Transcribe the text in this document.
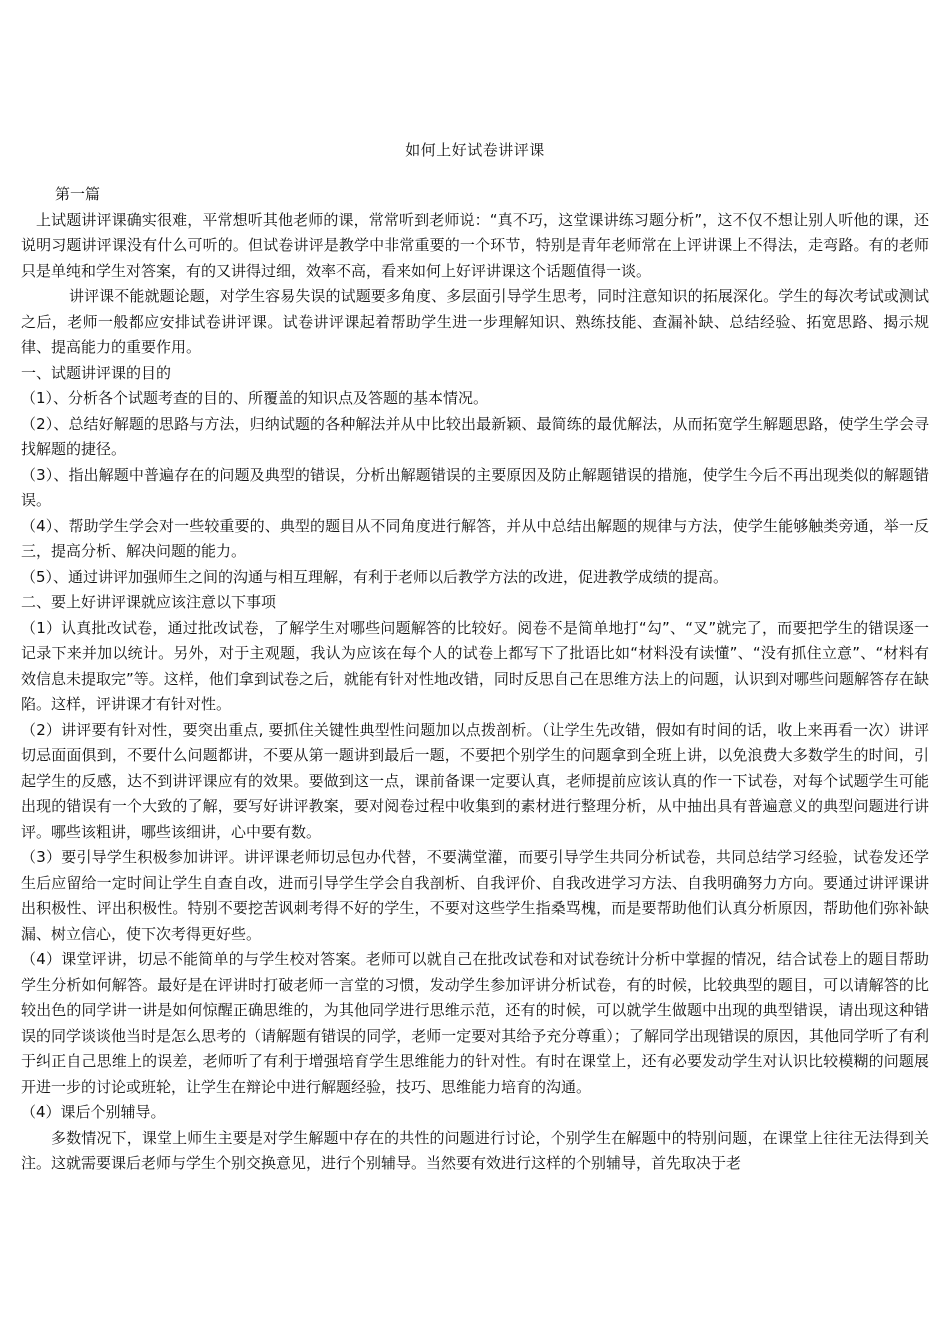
如何上好试卷讲评课

第一篇

上试题讲评课确实很难，平常想听其他老师的课，常常听到老师说：“真不巧，这堂课讲练习题分析”，这不仅不想让别人听他的课，还说明习题讲评课没有什么可听的。但试卷讲评是教学中非常重要的一个环节，特别是青年老师常在上评讲课上不得法，走弯路。有的老师只是单纯和学生对答案，有的又讲得过细，效率不高，看来如何上好评讲课这个话题值得一谈。

讲评课不能就题论题，对学生容易失误的试题要多角度、多层面引导学生思考，同时注意知识的拓展深化。学生的每次考试或测试之后，老师一般都应安排试卷讲评课。试卷讲评课起着帮助学生进一步理解知识、熟练技能、查漏补缺、总结经验、拓宽思路、揭示规律、提高能力的重要作用。

一、试题讲评课的目的

（1）、分析各个试题考查的目的、所覆盖的知识点及答题的基本情况。

（2）、总结好解题的思路与方法，归纳试题的各种解法并从中比较出最新颖、最简练的最优解法，从而拓宽学生解题思路，使学生学会寻找解题的捷径。

（3）、指出解题中普遍存在的问题及典型的错误，分析出解题错误的主要原因及防止解题错误的措施，使学生今后不再出现类似的解题错误。

（4）、帮助学生学会对一些较重要的、典型的题目从不同角度进行解答，并从中总结出解题的规律与方法，使学生能够触类旁通，举一反三，提高分析、解决问题的能力。

（5）、通过讲评加强师生之间的沟通与相互理解，有利于老师以后教学方法的改进，促进教学成绩的提高。

二、要上好讲评课就应该注意以下事项

（1）认真批改试卷，通过批改试卷，了解学生对哪些问题解答的比较好。阅卷不是简单地打“勾”、“叉”就完了，而要把学生的错误逐一记录下来并加以统计。另外，对于主观题，我认为应该在每个人的试卷上都写下了批语比如“材料没有读懂”、“没有抓住立意”、“材料有效信息未提取完”等。这样，他们拿到试卷之后，就能有针对性地改错，同时反思自己在思维方法上的问题，认识到对哪些问题解答存在缺陷。这样，评讲课才有针对性。

（2）讲评要有针对性，要突出重点, 要抓住关键性典型性问题加以点拨剖析。（让学生先改错，假如有时间的话，收上来再看一次）讲评切忌面面俱到，不要什么问题都讲，不要从第一题讲到最后一题，不要把个别学生的问题拿到全班上讲，以免浪费大多数学生的时间，引起学生的反感，达不到讲评课应有的效果。要做到这一点，课前备课一定要认真，老师提前应该认真的作一下试卷，对每个试题学生可能出现的错误有一个大致的了解，要写好讲评教案，要对阅卷过程中收集到的素材进行整理分析，从中抽出具有普遍意义的典型问题进行讲评。哪些该粗讲，哪些该细讲，心中要有数。

（3）要引导学生积极参加讲评。讲评课老师切忌包办代替，不要满堂灌，而要引导学生共同分析试卷，共同总结学习经验，试卷发还学生后应留给一定时间让学生自查自改，进而引导学生学会自我剖析、自我评价、自我改进学习方法、自我明确努力方向。要通过讲评课讲出积极性、评出积极性。特别不要挖苦讽刺考得不好的学生，不要对这些学生指桑骂槐，而是要帮助他们认真分析原因，帮助他们弥补缺漏、树立信心，使下次考得更好些。

（4）课堂评讲，切忌不能简单的与学生校对答案。老师可以就自己在批改试卷和对试卷统计分析中掌握的情况，结合试卷上的题目帮助学生分析如何解答。最好是在评讲时打破老师一言堂的习惯，发动学生参加评讲分析试卷，有的时候，比较典型的题目，可以请解答的比较出色的同学讲一讲是如何惊醒正确思维的，为其他同学进行思维示范，还有的时候，可以就学生做题中出现的典型错误，请出现这种错误的同学谈谈他当时是怎么思考的（请解题有错误的同学，老师一定要对其给予充分尊重）；了解同学出现错误的原因，其他同学听了有利于纠正自己思维上的误差，老师听了有利于增强培育学生思维能力的针对性。有时在课堂上，还有必要发动学生对认识比较模糊的问题展开进一步的讨论或班轮，让学生在辩论中进行解题经验，技巧、思维能力培育的沟通。

（4）课后个别辅导。

多数情况下，课堂上师生主要是对学生解题中存在的共性的问题进行讨论，个别学生在解题中的特别问题，在课堂上往往无法得到关注。这就需要课后老师与学生个别交换意见，进行个别辅导。当然要有效进行这样的个别辅导，首先取决于老
